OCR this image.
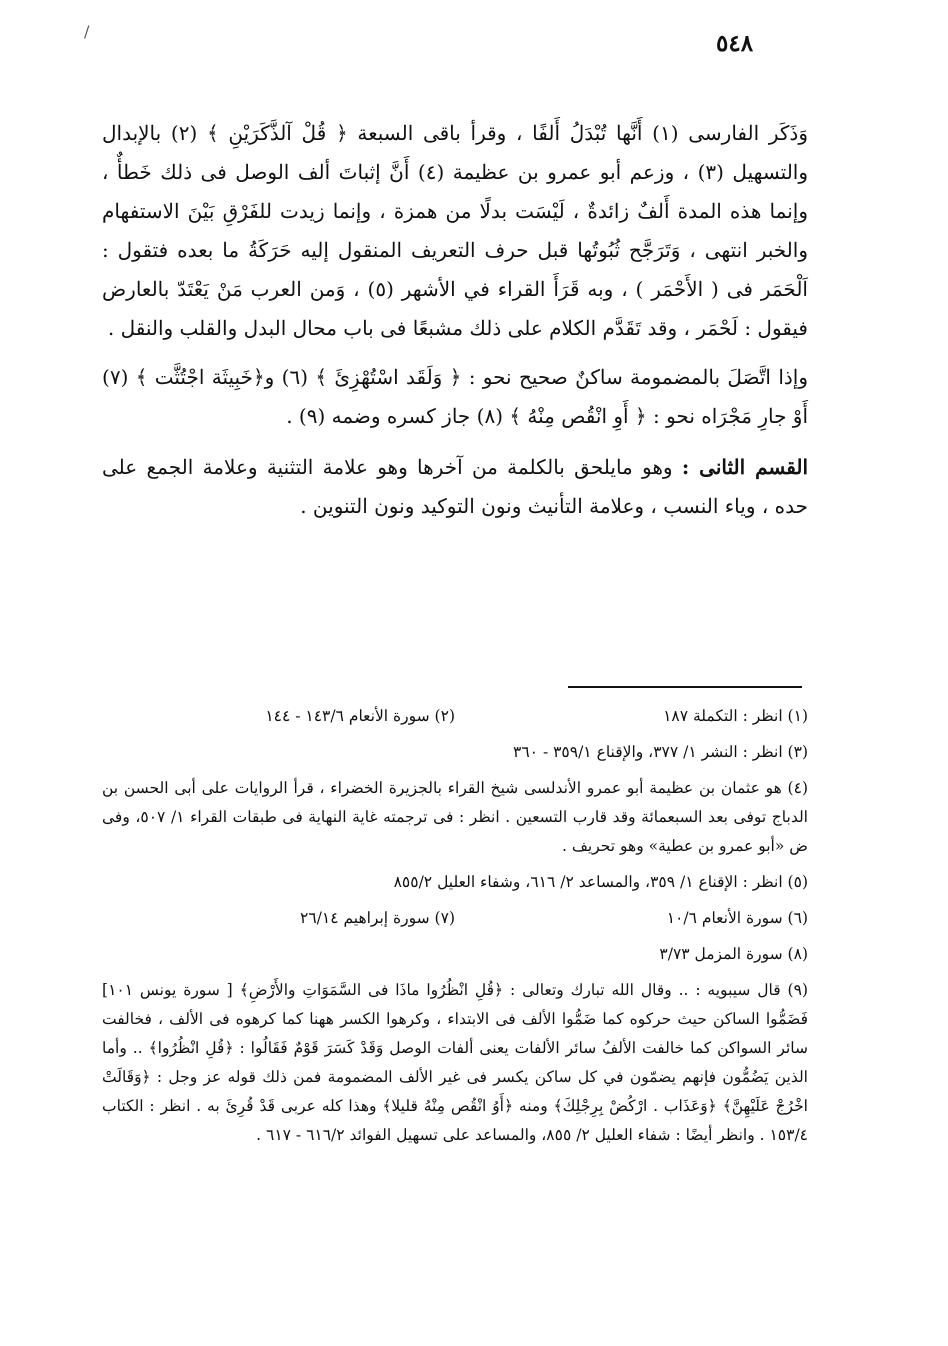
/	٥٤٨

وَذَكَر الفارسى (١) أَنَّها تُبْدَلُ أَلفًا ، وقرأ باقى السبعة ﴿ قُلْ آلذَّكَرَيْنِ ﴾ (٢) بالإبدال والتسهيل (٣) ، وزعم أبو عمرو بن عظيمة (٤) أَنَّ إثباتَ ألف الوصل فى ذلك خَطأٌ ، وإنما هذه المدة أَلفٌ زائدةٌ ، لَيْسَت بدلًا من همزة ، وإنما زيدت للفَرْقِ بَيْنَ الاستفهام والخبر انتهى ، وَتَرَجَّح ثُبُوتُها قبل حرف التعريف المنقول إليه حَرَكَةُ ما بعده فتقول : اَلْحَمَر فى ( الأَحْمَر ) ، وبه قَرَأَ القراء في الأشهر (٥) ، وَمن العرب مَنْ يَعْتَدّ بالعارض فيقول : لَحْمَر ، وقد تَقَدَّم الكلام على ذلك مشبعًا فى باب محال البدل والقلب والنقل .

وإذا اتَّصَلَ بالمضمومة ساكنٌ صحيح نحو : ﴿ وَلَقَد اسْتُهْزِئَ ﴾ (٦) و﴿خَبِيثَة اجْتُثَّت ﴾ (٧) أَوْ جارِ مَجْرَاه نحو : ﴿ أَوِ انْقُص مِنْهُ ﴾ (٨) جاز كسره وضمه (٩) .

القسم الثانى : وهو مايلحق بالكلمة من آخرها وهو علامة التثنية وعلامة الجمع على حده ، وياء النسب ، وعلامة التأنيث ونون التوكيد ونون التنوين .

(١) انظر : التكملة ١٨٧
(٢) سورة الأنعام ١٤٣/٦ - ١٤٤

(٣) انظر : النشر ١/ ٣٧٧، والإقناع ٣٥٩/١ - ٣٦٠

(٤) هو عثمان بن عظيمة أبو عمرو الأندلسى شيخ القراء بالجزيرة الخضراء ، قرأ الروايات على أبى الحسن بن الدباج توفى بعد السبعمائة وقد قارب التسعين . انظر : فى ترجمته غاية النهاية فى طبقات القراء ١/ ٥٠٧، وفى ض «أبو عمرو بن عطية» وهو تحريف .

(٥) انظر : الإقناع ١/ ٣٥٩، والمساعد ٢/ ٦١٦، وشفاء العليل ٨٥٥/٢

(٦) سورة الأنعام ١٠/٦
(٧) سورة إبراهيم ٢٦/١٤

(٨) سورة المزمل ٣/٧٣

(٩) قال سيبويه : .. وقال الله تبارك وتعالى : ﴿قُلِ انْظُرُوا ماذَا فى السَّمَوَاتِ والأَرْضِ﴾ [ سورة يونس ١٠١] فَضَمُّوا الساكن حيث حركوه كما ضَمُّوا الألف فى الابتداء ، وكرهوا الكسر ههنا كما كرهوه فى الألف ، فخالفت سائر السواكن كما خالفت الألفُ سائر الألفات يعنى ألفات الوصل وَقَدْ كَسَرَ قَوْمٌ فَقَالُوا : ﴿قُلِ انْظُرُوا﴾ .. وأما الذين يَضُمُّون فإنهم يضمّون في كل ساكن يكسر فى غير الألف المضمومة فمن ذلك قوله عز وجل : ﴿وَقَالَتْ اخْرُجْ عَلَيْهِنَّ﴾ ﴿وَعَذَاب . ارْكُضْ بِرِجْلِكَ﴾ ومنه ﴿أَوُ انْقُص مِنْهُ قليلا﴾ وهذا كله عربى قَدْ قُرِئَ به . انظر : الكتاب ١٥٣/٤ . وانظر أيضًا : شفاء العليل ٢/ ٨٥٥، والمساعد على تسهيل الفوائد ٦١٦/٢ - ٦١٧ .
